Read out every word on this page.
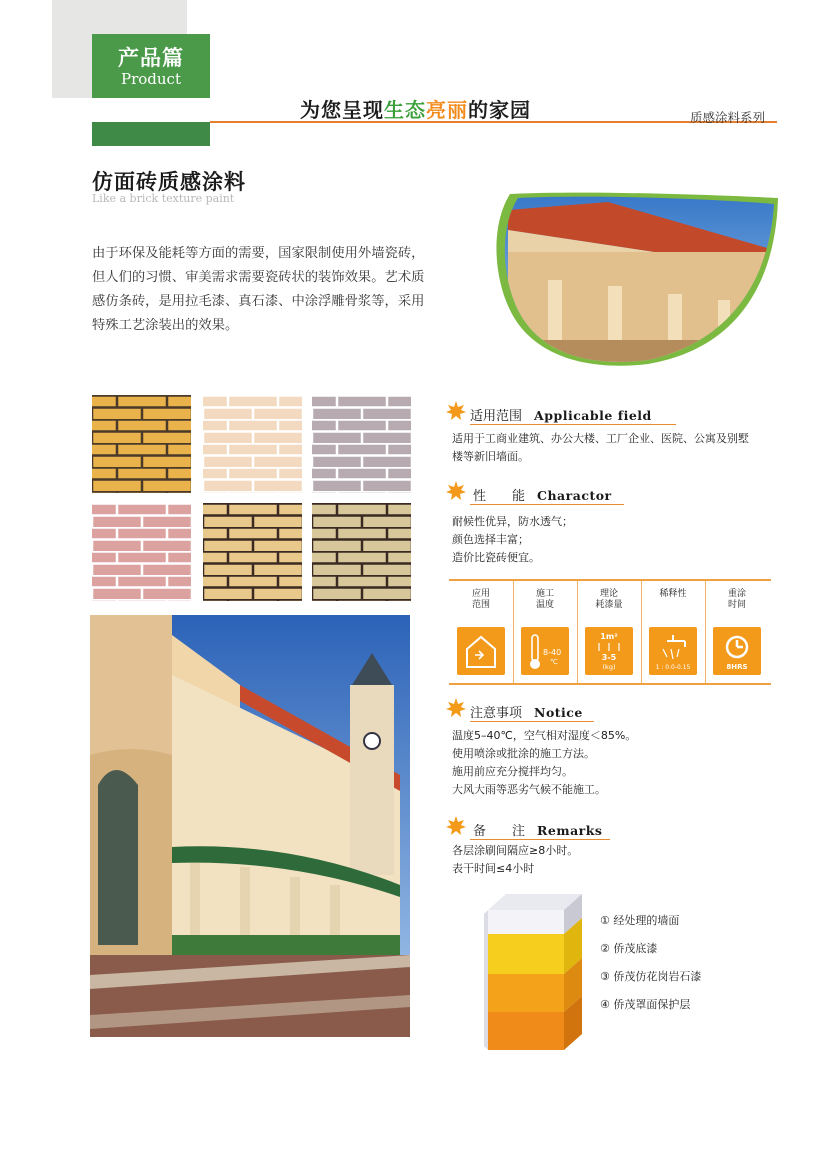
产品篇
Product
为您呈现生态亮丽的家园	质感涂料系列
仿面砖质感涂料
Like a brick texture paint
由于环保及能耗等方面的需要，国家限制使用外墙瓷砖，但人们的习惯、审美需求需要瓷砖状的装饰效果。艺术质感仿条砖，是用拉毛漆、真石漆、中涂浮雕骨浆等，采用特殊工艺涂装出的效果。
适用范围 Applicable field
适用于工商业建筑、办公大楼、工厂企业、医院、公寓及别墅
楼等新旧墙面。
性　　能 Charactor
耐候性优异，防水透气；
颜色选择丰富；
造价比瓷砖便宜。
应用
范围
施工
温度
8-40
℃
理论
耗漆量
1m²
3-5
(kg)
稀释性
1 : 0.0-0.15
重涂
时间
8HRS
注意事项 Notice
温度5–40℃，空气相对湿度＜85%。
使用喷涂或批涂的施工方法。
施用前应充分搅拌均匀。
大风大雨等恶劣气候不能施工。
备　　注 Remarks
各层涂刷间隔应≥8小时。
表干时间≤4小时
① 经处理的墙面
② 侨茂底漆
③ 侨茂仿花岗岩石漆
④ 侨茂罩面保护层
